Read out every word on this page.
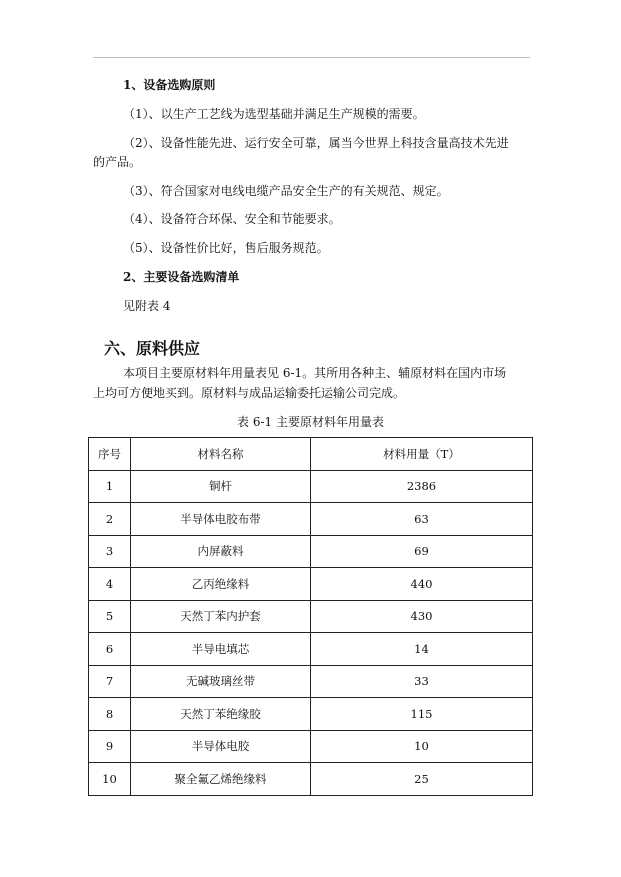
1、设备选购原则
（1）、以生产工艺线为选型基础并满足生产规模的需要。
（2）、设备性能先进、运行安全可靠，属当今世界上科技含量高技术先进
的产品。
（3）、符合国家对电线电缆产品安全生产的有关规范、规定。
（4）、设备符合环保、安全和节能要求。
（5）、设备性价比好，售后服务规范。
2、主要设备选购清单
见附表 4
六、原料供应
本项目主要原材料年用量表见 6-1。其所用各种主、辅原材料在国内市场
上均可方便地买到。原材料与成品运输委托运输公司完成。
表 6-1 主要原材料年用量表
序号	材料名称	材料用量（T）
1	铜杆	2386
2	半导体电胶布带	63
3	内屏蔽料	69
4	乙丙绝缘料	440
5	天然丁苯内护套	430
6	半导电填芯	14
7	无碱玻璃丝带	33
8	天然丁苯绝缘胶	115
9	半导体电胶	10
10	聚全氟乙烯绝缘料	25
